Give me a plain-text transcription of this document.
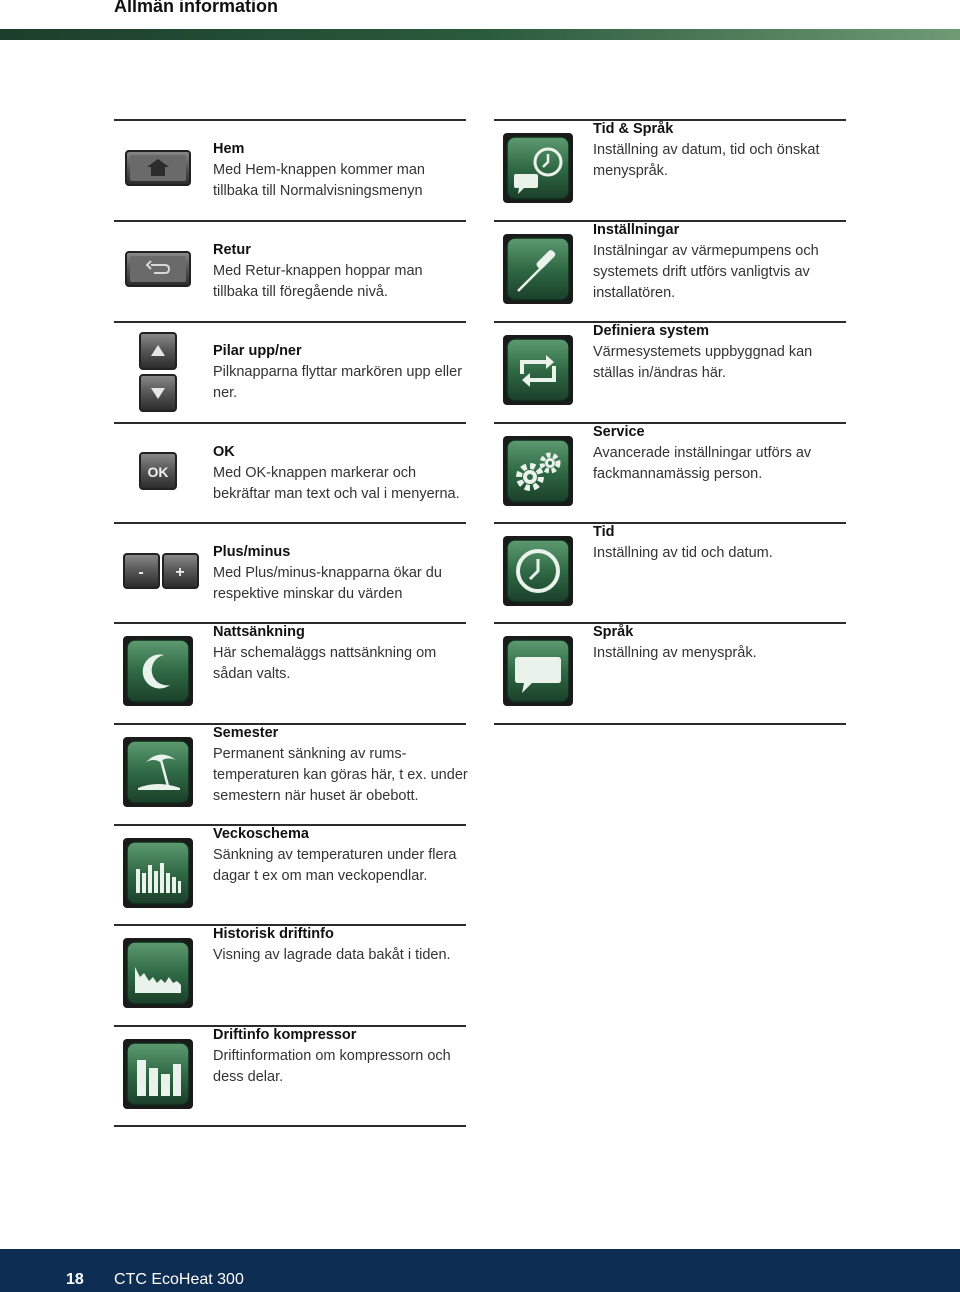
Allmän information
Hem
Med Hem-knappen kommer man tillbaka till Normalvisningsmenyn
Retur
Med Retur-knappen hoppar man tillbaka till föregående nivå.
Pilar upp/ner
Pilknapparna flyttar markören upp eller ner.
OK
OK
Med OK-knappen markerar och bekräftar man text och val i menyerna.
- +
Plus/minus
Med Plus/minus-knapparna ökar du respektive minskar du värden
Nattsänkning
Här schemaläggs nattsänkning om sådan valts.
Semester
Permanent sänkning av rums- temperaturen kan göras här, t ex. under semestern när huset är obebott.
Veckoschema
Sänkning av temperaturen under flera dagar t ex om man veckopendlar.
Historisk driftinfo
Visning av lagrade data bakåt i tiden.
Driftinfo kompressor
Driftinformation om kompressorn och dess delar.
Tid & Språk
Inställning av datum, tid och önskat menyspråk.
Inställningar
Instälningar av värmepumpens och systemets drift utförs vanligtvis av installatören.
Definiera system
Värmesystemets uppbyggnad kan ställas in/ändras här.
Service
Avancerade inställningar utförs av fackmannamässig person.
Tid
Inställning av tid och datum.
Språk
Inställning av menyspråk.
18 CTC EcoHeat 300
